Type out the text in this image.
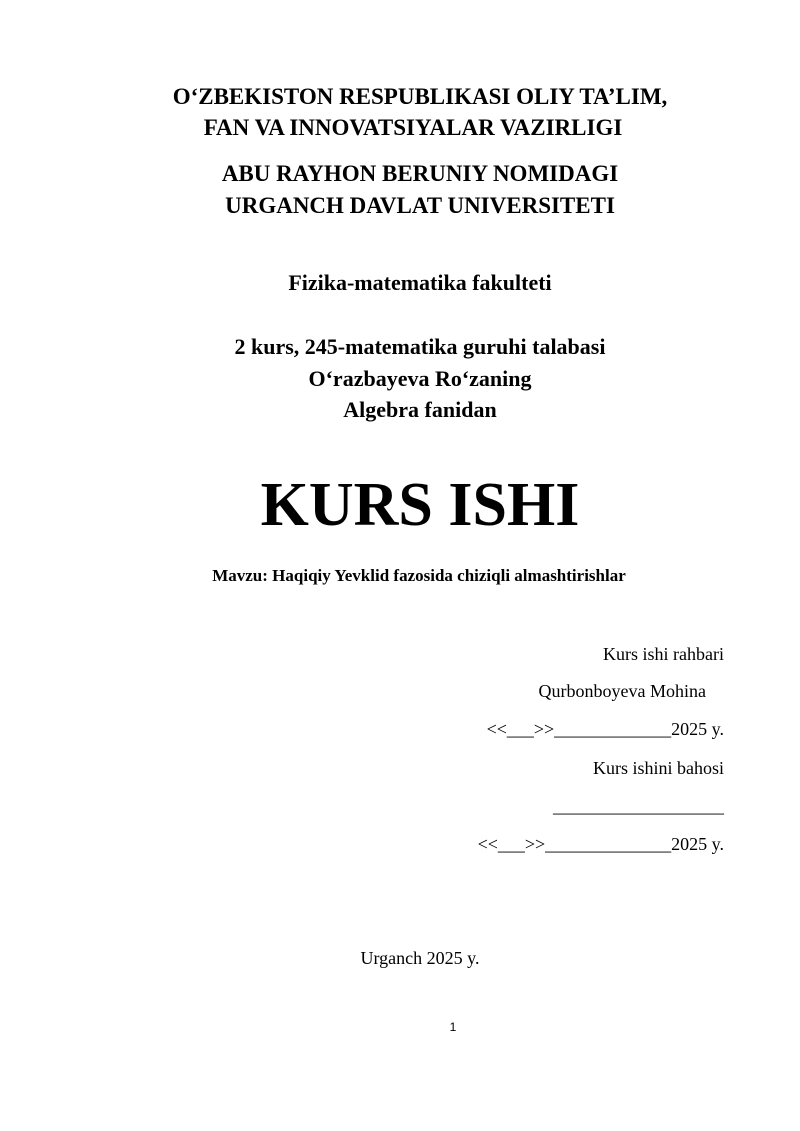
O‘ZBEKISTON RESPUBLIKASI OLIY TA’LIM,
FAN VA INNOVATSIYALAR VAZIRLIGI
ABU RAYHON BERUNIY NOMIDAGI
URGANCH DAVLAT UNIVERSITETI
Fizika-matematika fakulteti
2 kurs, 245-matematika guruhi talabasi
O‘razbayeva Ro‘zaning
Algebra fanidan
KURS ISHI
Mavzu: Haqiqiy Yevklid fazosida chiziqli almashtirishlar
Kurs ishi rahbari
Qurbonboyeva Mohina
<<___>>_____________2025 y.
Kurs ishini bahosi
___________________
<<___>>______________2025 y.
Urganch 2025 y.
1
